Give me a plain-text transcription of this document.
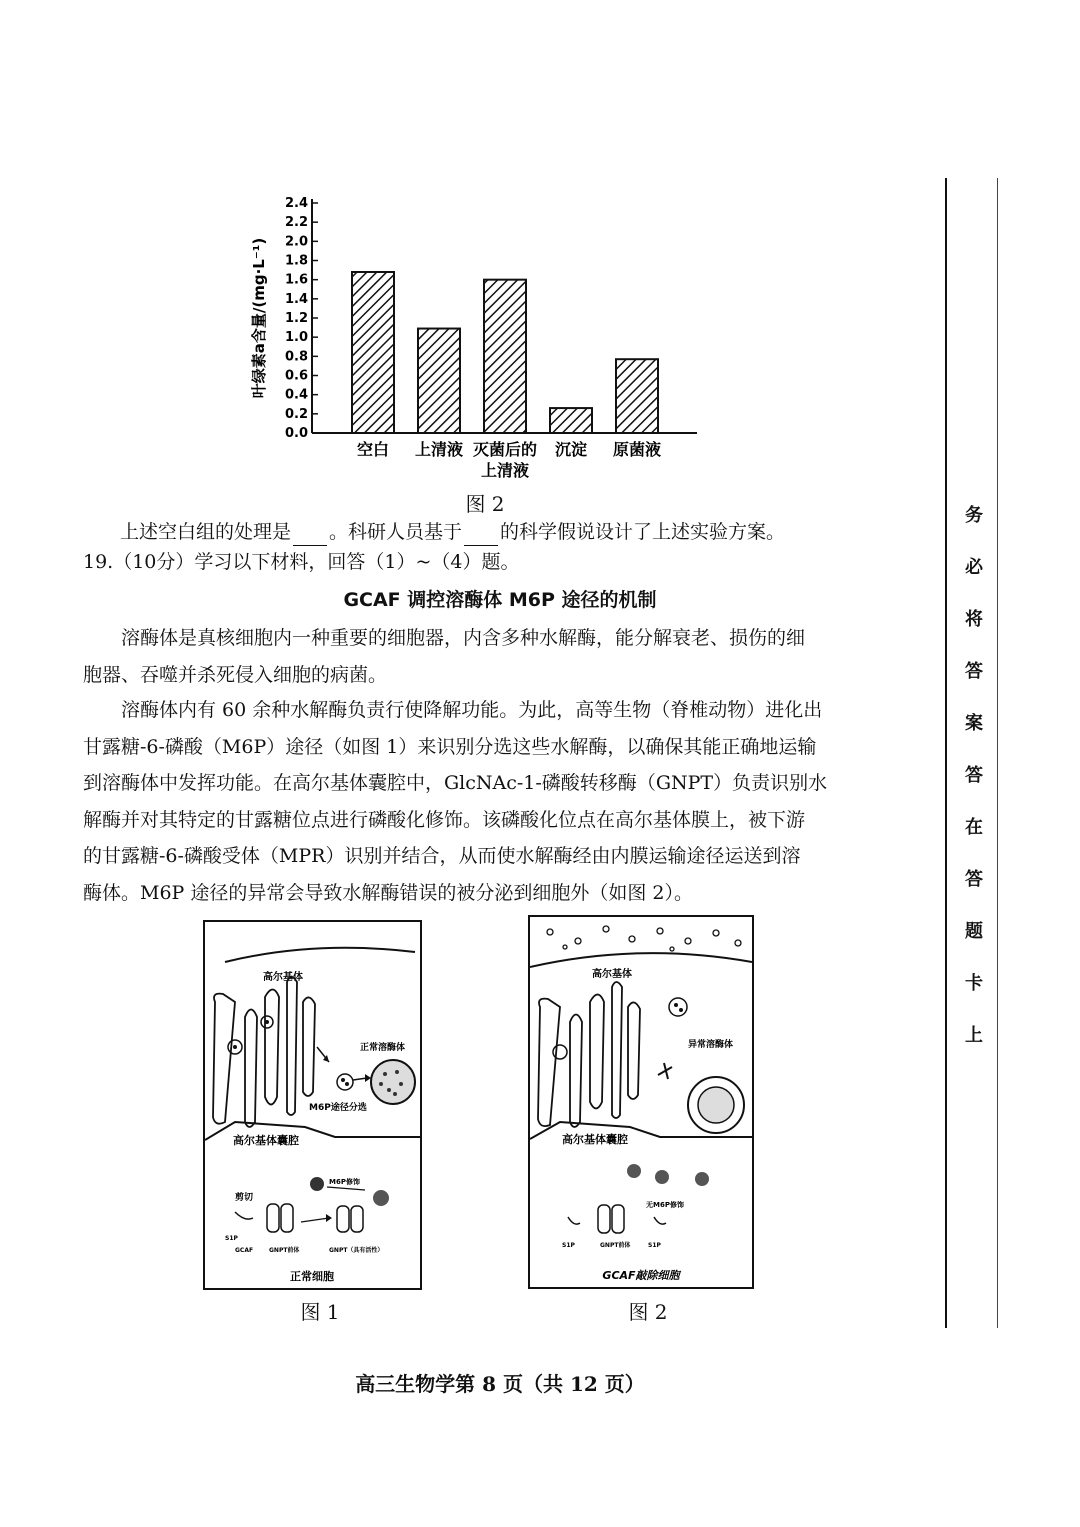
0.0
0.2
0.4
0.6
0.8
1.0
1.2
1.4
1.6
1.8
2.0
2.2
2.4
叶绿素a含量/(mg·L⁻¹)
空白 上清液 灭菌后的
上清液
沉淀 原菌液
图 2
上述空白组的处理是 。科研人员基于 的科学假说设计了上述实验方案。
19.（10分）学习以下材料，回答（1）~（4）题。
GCAF 调控溶酶体 M6P 途径的机制
溶酶体是真核细胞内一种重要的细胞器，内含多种水解酶，能分解衰老、损伤的细
胞器、吞噬并杀死侵入细胞的病菌。
溶酶体内有 60 余种水解酶负责行使降解功能。为此，高等生物（脊椎动物）进化出
甘露糖-6-磷酸（M6P）途径（如图 1）来识别分选这些水解酶，以确保其能正确地运输
到溶酶体中发挥功能。在高尔基体囊腔中，GlcNAc-1-磷酸转移酶（GNPT）负责识别水
解酶并对其特定的甘露糖位点进行磷酸化修饰。该磷酸化位点在高尔基体膜上，被下游
的甘露糖-6-磷酸受体（MPR）识别并结合，从而使水解酶经由内膜运输途径运送到溶
酶体。M6P 途径的异常会导致水解酶错误的被分泌到细胞外（如图 2）。
高尔基体
正常溶酶体
M6P途径分选
高尔基体囊腔
剪切
M6P修饰
S1P
GCAF	GNPT前体	GNPT（具有活性）
正常细胞
图 1
高尔基体
异常溶酶体
高尔基体囊腔
无M6P修饰
S1P	GNPT前体	S1P
GCAF敲除细胞
图 2
务
必
将
答
案
答
在
答
题
卡
上
高三生物学第 8 页（共 12 页）
